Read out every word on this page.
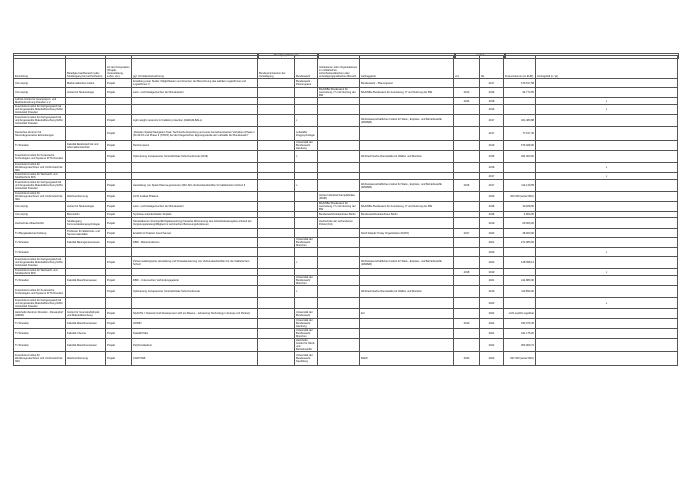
Beteiligte(r) Partner(in) …	Laufzeit
Einrichtung	Beteiligte Fachbereich (oder Studiengang bei Hochschulen)	Art der Kooperation (Projekt, Veranstaltung, Lehre, etc.)	ggf. Vorhabenbezeichnung	Bundesministerium der Verteidigung	Bundeswehr	Institutionen oder Organisationen im militärischen, sicherheitspolitischen oder verteidigungspolitischen Bereich	Auftraggeber	von	bis	Finanzvolumen (in EUR)	Vertragsfall (x / ja)
Uni Leipzig	Mathematisches Institut	Projekt	Erstellung einer Studie: Möglichkeiten und Grenzen der Berechnung des stabilen Logarithmus und Logarithmus II		Bundeswehr - Planungsamt		Bundeswehr - Planungsamt		2017	670.517,58	
Uni Leipzig	Institut für Meteorologie	Projekt	Lärm- und Feldagentuchen der Bundeswehr			BAAINBw Bundesamt für Ausrüstung, IT und Nutzung der BW	BAAINBw Bundesamt für Ausrüstung, IT und Nutzung der BW	2013	2016	94.774,55	
Leibniz-Institut für Ionenpolyen- und Medizinforschung Dresden e.V.								2014	2018		x
Fraunhofer-Institut für Fertigungstechnik und Angewandte Materialforschung IFAM, Institutsteil Dresden									2016		x
Fraunhofer-Institut für Fertigungstechnik und Angewandte Materialforschung IFAM, Institutsteil Dresden		Projekt	Light weight ceramics for ballistic protection (CERAM-BALL)		x		Wehrwissenschaftliches Institut für Werk-, Explosiv- und Betriebsstoffe (WIWEB)		2017	321.380,88	
Deutsches Zentrum für Neurodegenerative Erkrankungen		Projekt	„Dresden Spatial Navigation Task: Technische Erprobung und eines bemerkenswerten Vorhaben (Phase 1 (01.09.15 und Phase II (STR/F) bei der Fliegerischen Eignungsstudie der Luftwaffe der Bundeswehr"		Luftwaffe/ Flugpsychologie				2017	77.157,46	
TU Dresden	Fakultät Elektrotechnik und Informationstechnik	Projekt	Reinhumanno		Universität der Bundeswehr Hamburg				2019	676.928,00	
Fraunhofer-Institut für Keramische Technologien und Systeme IKTS Dresden		Projekt	Optimierung transparenter Verstrebt/Glas Schutzverbunde (2013)		x		Wehrtechnische Dienststelle für Waffen und Munition		2015	264.000,00	
Fraunhofer-Institut für Werkzeugmaschinen und Umformtechnik IWU									2018		x
Fraunhofer-Institut für Werkstoff- und Strahltechnik IWS									2017		x
Fraunhofer-Institut für Fertigungstechnik und Angewandte Materialforschung IFAM, Institutsteil Dresden		Projekt	Herstellung von Spark Plasma gesinterten (MC-SiC-Verbundwerkstoffen für ballistischen Schutz II		x		Wehrwissenschaftliches Institut für Werk-, Explosiv- und Betriebsstoffe (WIWEB)	2016	2017	112.149,55	
Fraunhofer-Institut für Werkzeugmaschinen und Umformtechnik IWU	Wachsumformung	Projekt	ACTs Instikal Phalena			Institut Individual Kampfabrikke (IKMP)			2019	200.000 (anteil IWU)	
Uni Leipzig	Institut für Meteorologie	Projekt	Lärm- und Feldagentuchen der Bundeswehr			BAAINBw Bundesamt für Ausrüstung, IT und Nutzung der BW	BAAINBw Bundesamt für Ausrüstung, IT und Nutzung der BW		2018	30.928,90	
Uni Leipzig	Biomedizin	Projekt	Synthese antimikrobieller Peptide			Bundeswehrkrankenhaus Berlin	Bundeswehrkrankenhaus Berlin		2018	4.800,00	
Hochschule Zittau/Görlitz	Studiengang Kommunikationspsychologie	Projekt	Stressfaktoren (Konzept/Erfolgsbewertung) bewertet Minimierung des Arbeitsbelastung/des anhand der Vergütungsleistung/Mitglied im technischen Betreuungsfunktionen			Hochschule der verbundenen Polizei (FH)			2019	60.000,00	
TU Bergakademie Freiberg	Professur für Elektronik- und Sensormaterialien	Projekt	Ersatform/ Polarion Good Sensor				North Atlantic Treaty Organization (NATO)	2017	2020	48.000,00	
TU Dresden	Fakultät Bauingenieurwesen	Projekt	DBFI - Betonstrukturen		Universität der Bundeswehr München				2021	271.980,00	
TU Dresden									2019		x
Fraunhofer-Institut für Fertigungstechnik und Angewandte Materialforschung IFAM, Institutsteil Dresden		Projekt	Pulvermetallurgische Herstellung und Charakterisierung von Verbundwerkstoffen für den ballistischen Schutz		x		Wehrwissenschaftliches Institut für Werk-, Explosiv- und Betriebsstoffe (WIWEB)		2020	148.598,13	
Fraunhofer-Institut für Werkstoff- und Strahltechnik IWS								2018	2019		x
TU Dresden	Fakultät Maschinenwesen	Projekt	DBFI - Untersuchen Verbindungsgelenk		Universität der Bundeswehr München				2021	414.880,00	
Fraunhofer-Institut für Keramische Technologien und Systeme IKTS Dresden		Projekt	Optimierung transparenter Verstrebt/Glas Schutzverbunde		x		Wehrtechnische Dienststelle für Waffen und Munition		2019	113.890,00	
Fraunhofer-Institut für Fertigungstechnik und Angewandte Materialforschung IFAM, Institutsteil Dresden									2020		x
Helmholtz-Zentrum Dresden - Rossendorf (HZDR)	Institut für Ionenstrahlphysik und Materialforschung	Projekt	NAAVTE = Network And Development with ion Beams – Advancing Technology in Europe (14 Partner)		Universität der Bundeswehr		EU		2022	nicht explizit ergebbar	
TU Dresden	Fakultät Maschinenwesen	Projekt	HORIN		Universität der Bundeswehr Hamburg			2019	2022	332.070,45	
TU Dresden	Fakultät Chemie	Projekt	NukeMOVEL		Universität der Bundeswehr München				2021	441.175,20	
TU Dresden	Fakultät Maschinenwesen	Projekt	PolyTex/HeaFun		Helmholtz- Institut für Werk- und Betriebsstoffe				2022	352.909,72	
Fraunhofer-Institut für Werkzeugmaschinen und Umformtechnik IWU	Wachsumformung	Projekt	CAROTAB		Universität der Bundeswehr Neubiberg		BAIW	2020	2023	297.000 (anteil IWU)	
